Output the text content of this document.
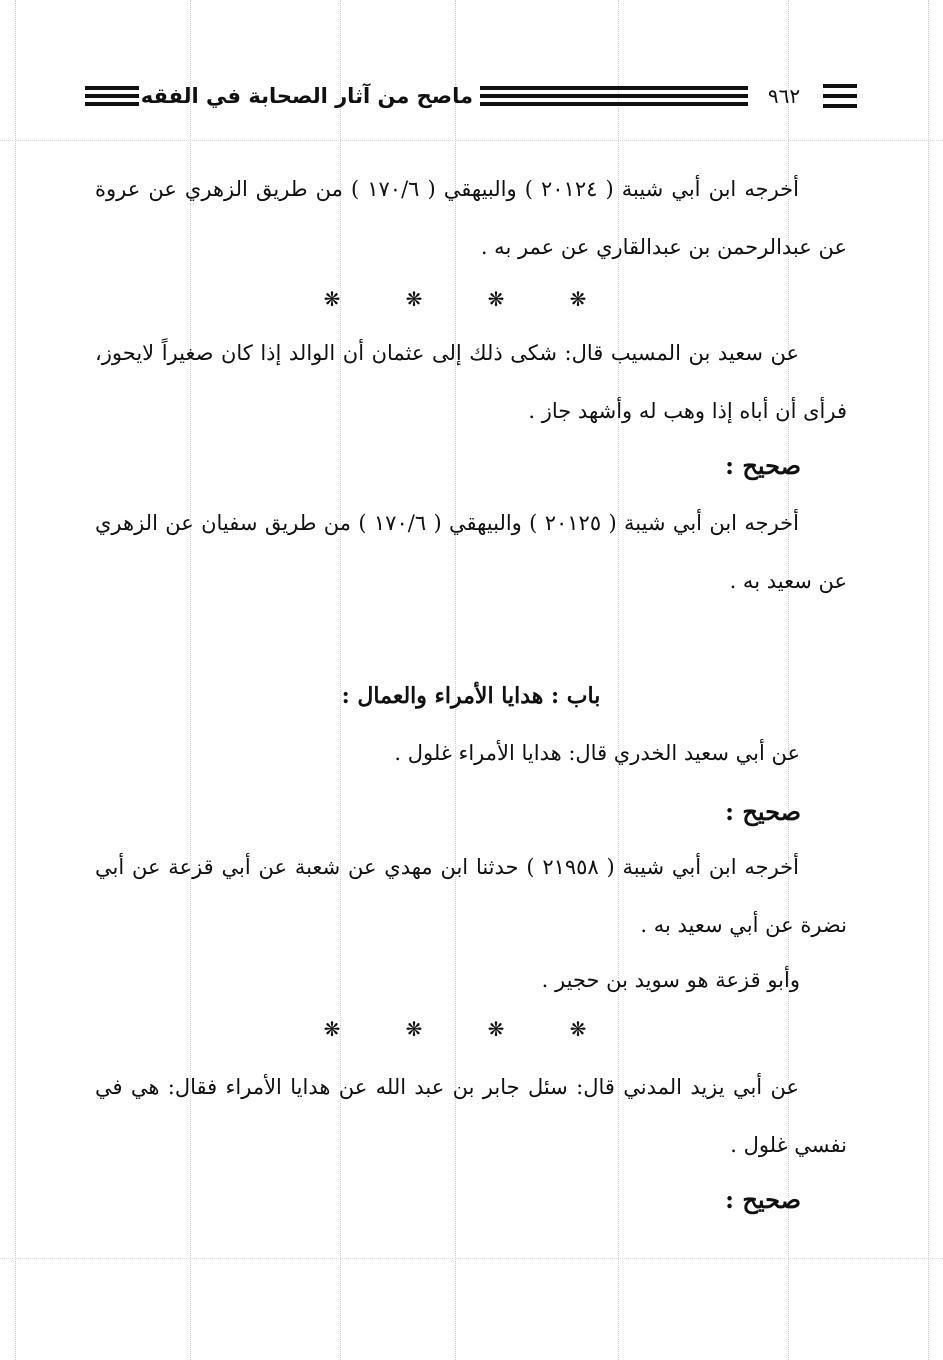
ماصح من آثار الصحابة في الفقه	٩٦٢
أخرجه ابن أبي شيبة ( ٢٠١٢٤ ) والبيهقي ( ١٧٠/٦ ) من طريق الزهري عن عروة عن عبدالرحمن بن عبدالقاري عن عمر به .
❋	❋	❋	❋
عن سعيد بن المسيب قال: شكى ذلك إلى عثمان أن الوالد إذا كان صغيراً لايحوز، فرأى أن أباه إذا وهب له وأشهد جاز .
صحيح :
أخرجه ابن أبي شيبة ( ٢٠١٢٥ ) والبيهقي ( ١٧٠/٦ ) من طريق سفيان عن الزهري عن سعيد به .
باب : هدايا الأمراء والعمال :
عن أبي سعيد الخدري قال: هدايا الأمراء غلول .
صحيح :
أخرجه ابن أبي شيبة ( ٢١٩٥٨ ) حدثنا ابن مهدي عن شعبة عن أبي قزعة عن أبي نضرة عن أبي سعيد به .
وأبو قزعة هو سويد بن حجير .
❋	❋	❋	❋
عن أبي يزيد المدني قال: سئل جابر بن عبد الله عن هدايا الأمراء فقال: هي في نفسي غلول .
صحيح :
